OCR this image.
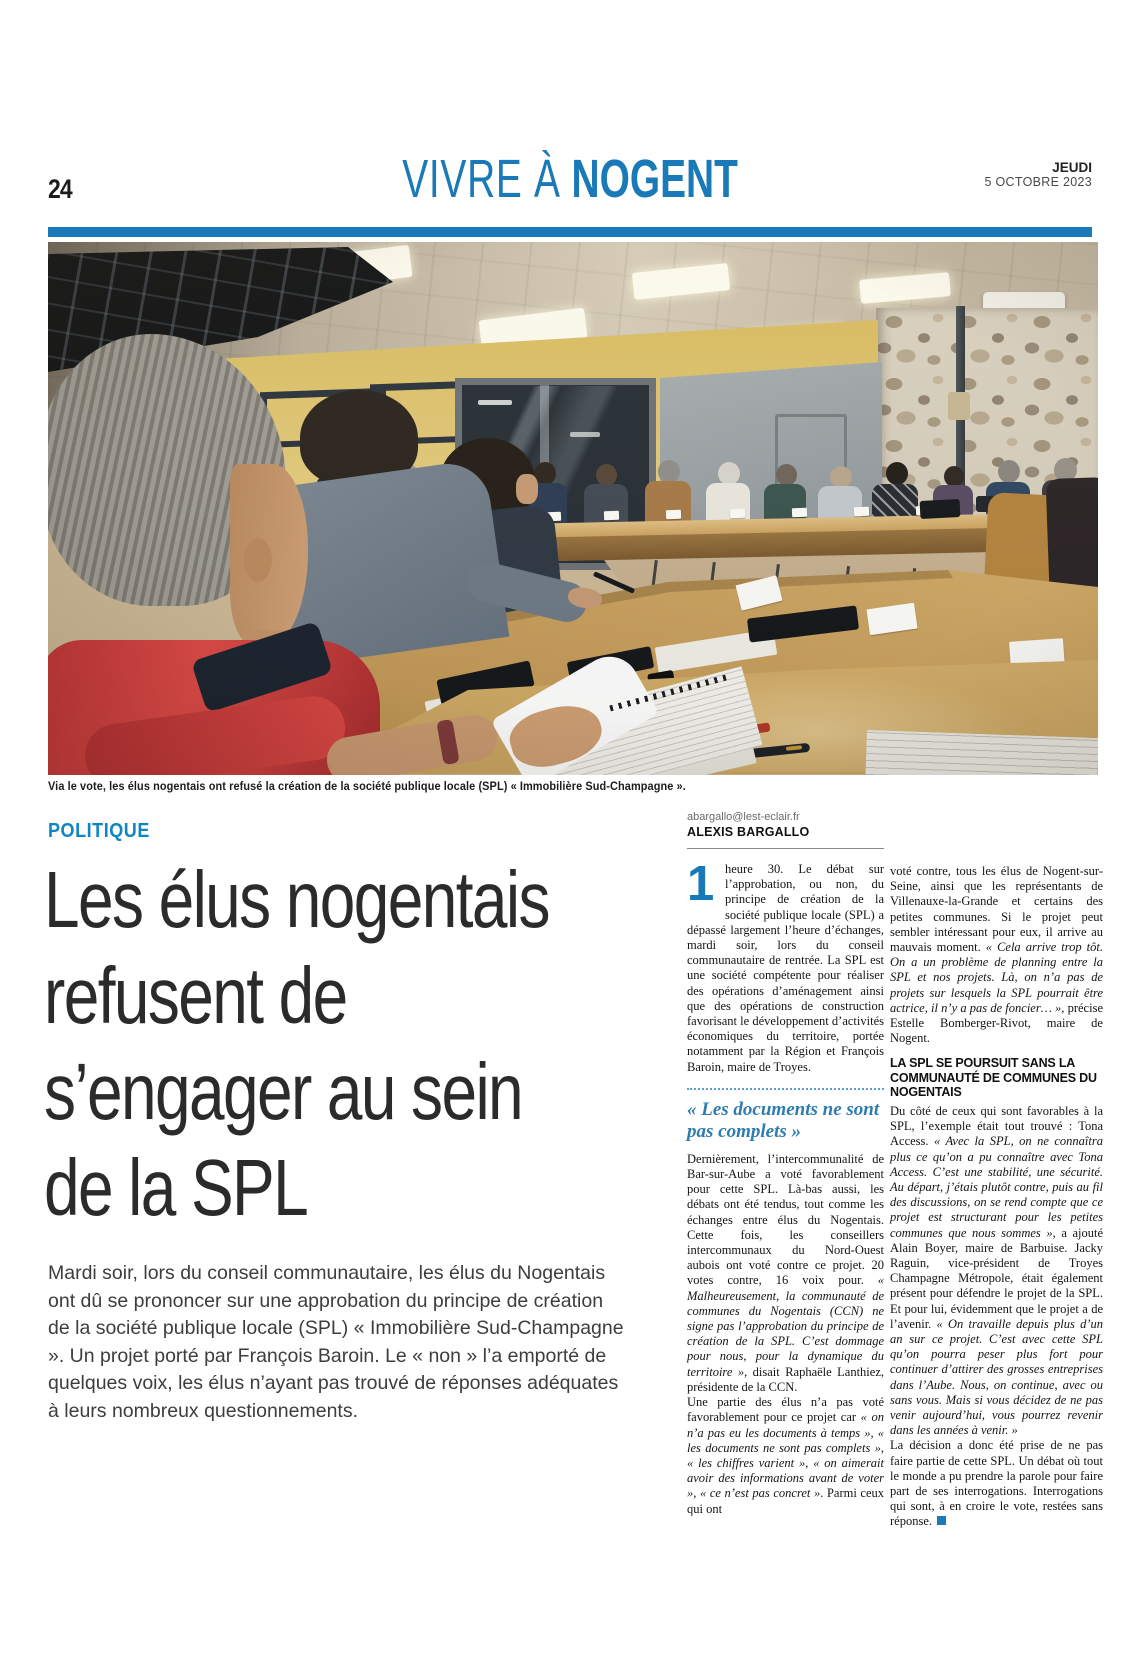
24	VIVRE À NOGENT	JEUDI
5 OCTOBRE 2023
Via le vote, les élus nogentais ont refusé la création de la société publique locale (SPL) « Immobilière Sud-Champagne ».
POLITIQUE
Les élus nogentais
refusent de
s’engager au sein
de la SPL
Mardi soir, lors du conseil communautaire, les élus du Nogentais ont dû se prononcer sur une approbation du principe de création de la société publique locale (SPL) « Immobilière Sud-Champagne ». Un projet porté par François Baroin. Le « non » l’a emporté de quelques voix, les élus n’ayant pas trouvé de réponses adéquates à leurs nombreux questionnements.
abargallo@lest-eclair.fr
ALEXIS BARGALLO

1 heure 30. Le débat sur l’approbation, ou non, du principe de création de la société publique locale (SPL) a dépassé largement l’heure d’échanges, mardi soir, lors du conseil communautaire de rentrée. La SPL est une société compétente pour réaliser des opérations d’aménagement ainsi que des opérations de construction favorisant le développement d’activités économiques du territoire, portée notamment par la Région et François Baroin, maire de Troyes.

« Les documents ne sont pas complets »

Dernièrement, l’intercommunalité de Bar-sur-Aube a voté favorablement pour cette SPL. Là-bas aussi, les débats ont été tendus, tout comme les échanges entre élus du Nogentais. Cette fois, les conseillers intercommunaux du Nord-Ouest aubois ont voté contre ce projet. 20 votes contre, 16 voix pour. « Malheureusement, la communauté de communes du Nogentais (CCN) ne signe pas l’approbation du principe de création de la SPL. C’est dommage pour nous, pour la dynamique du territoire », disait Raphaële Lanthiez, présidente de la CCN.

Une partie des élus n’a pas voté favorablement pour ce projet car « on n’a pas eu les documents à temps », « les documents ne sont pas complets », « les chiffres varient », « on aimerait avoir des informations avant de voter », « ce n’est pas concret ». Parmi ceux qui ont

voté contre, tous les élus de Nogent-sur-Seine, ainsi que les représentants de Villenauxe-la-Grande et certains des petites communes. Si le projet peut sembler intéressant pour eux, il arrive au mauvais moment. « Cela arrive trop tôt. On a un problème de planning entre la SPL et nos projets. Là, on n’a pas de projets sur lesquels la SPL pourrait être actrice, il n’y a pas de foncier… », précise Estelle Bomberger-Rivot, maire de Nogent.

LA SPL SE POURSUIT SANS LA COMMUNAUTÉ DE COMMUNES DU NOGENTAIS

Du côté de ceux qui sont favorables à la SPL, l’exemple était tout trouvé : Tona Access. « Avec la SPL, on ne connaîtra plus ce qu’on a pu connaître avec Tona Access. C’est une stabilité, une sécurité. Au départ, j’étais plutôt contre, puis au fil des discussions, on se rend compte que ce projet est structurant pour les petites communes que nous sommes », a ajouté Alain Boyer, maire de Barbuise. Jacky Raguin, vice-président de Troyes Champagne Métropole, était également présent pour défendre le projet de la SPL. Et pour lui, évidemment que le projet a de l’avenir. « On travaille depuis plus d’un an sur ce projet. C’est avec cette SPL qu’on pourra peser plus fort pour continuer d’attirer des grosses entreprises dans l’Aube. Nous, on continue, avec ou sans vous. Mais si vous décidez de ne pas venir aujourd’hui, vous pourrez revenir dans les années à venir. »

La décision a donc été prise de ne pas faire partie de cette SPL. Un débat où tout le monde a pu prendre la parole pour faire part de ses interrogations. Interrogations qui sont, à en croire le vote, restées sans réponse.
